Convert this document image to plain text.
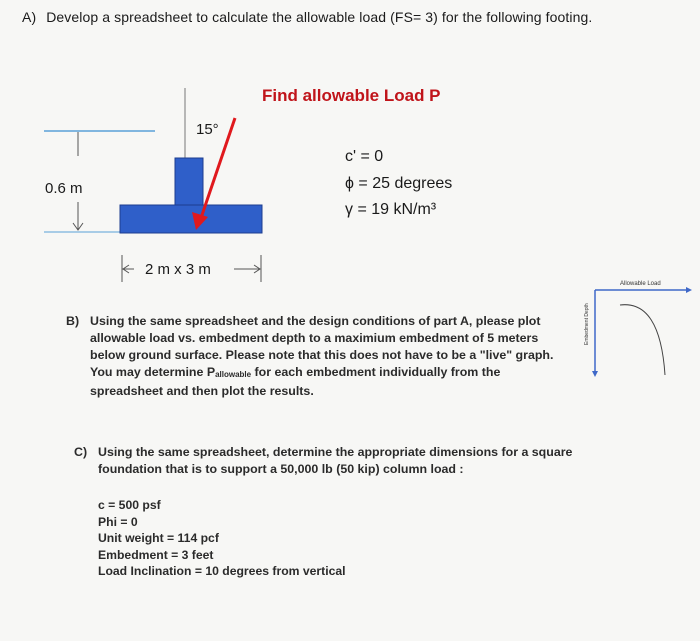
A) Develop a spreadsheet to calculate the allowable load (FS= 3) for the following footing.
15°
0.6 m
2 m x 3 m
Find allowable Load P
c' = 0
ϕ = 25 degrees
γ = 19 kN/m³
B) Using the same spreadsheet and the design conditions of part A, please plot allowable load vs. embedment depth to a maximium embedment of 5 meters below ground surface. Please note that this does not have to be a "live" graph. You may determine $P_{allowable}$ for each embedment individually from the spreadsheet and then plot the results.
Allowable Load
Embedment Depth
C) Using the same spreadsheet, determine the appropriate dimensions for a square foundation that is to support a 50,000 lb (50 kip) column load :
c = 500 psf
Phi = 0
Unit weight = 114 pcf
Embedment = 3 feet
Load Inclination = 10 degrees from vertical
